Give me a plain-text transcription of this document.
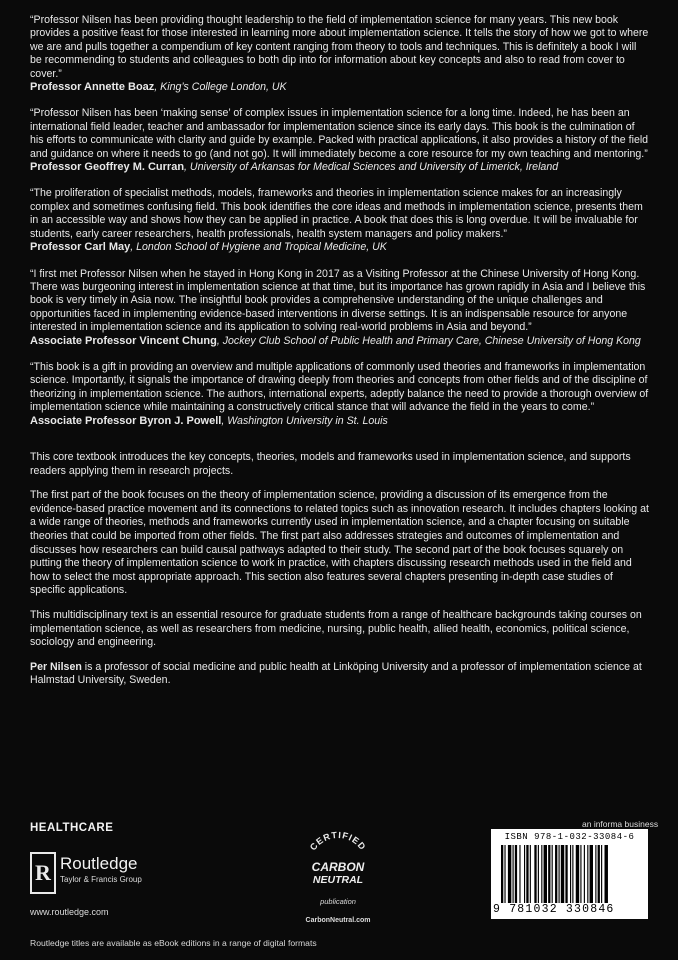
“Professor Nilsen has been providing thought leadership to the field of implementation science for many years. This new book provides a positive feast for those interested in learning more about implementation science. It tells the story of how we got to where we are and pulls together a compendium of key content ranging from theory to tools and techniques. This is definitely a book I will be recommending to students and colleagues to both dip into for information about key concepts and also to read from cover to cover.”

Professor Annette Boaz, King’s College London, UK

“Professor Nilsen has been ‘making sense’ of complex issues in implementation science for a long time. Indeed, he has been an international field leader, teacher and ambassador for implementation science since its early days. This book is the culmination of his efforts to communicate with clarity and guide by example. Packed with practical applications, it also provides a history of the field and guidance on where it needs to go (and not go). It will immediately become a core resource for my own teaching and mentoring.”

Professor Geoffrey M. Curran, University of Arkansas for Medical Sciences and University of Limerick, Ireland

“The proliferation of specialist methods, models, frameworks and theories in implementation science makes for an increasingly complex and sometimes confusing field. This book identifies the core ideas and methods in implementation science, presents them in an accessible way and shows how they can be applied in practice. A book that does this is long overdue. It will be invaluable for students, early career researchers, health professionals, health system managers and policy makers.”

Professor Carl May, London School of Hygiene and Tropical Medicine, UK

“I first met Professor Nilsen when he stayed in Hong Kong in 2017 as a Visiting Professor at the Chinese University of Hong Kong. There was burgeoning interest in implementation science at that time, but its importance has grown rapidly in Asia and I believe this book is very timely in Asia now. The insightful book provides a comprehensive understanding of the unique challenges and opportunities faced in implementing evidence-based interventions in diverse settings. It is an indispensable resource for anyone interested in implementation science and its application to solving real-world problems in Asia and beyond.”

Associate Professor Vincent Chung, Jockey Club School of Public Health and Primary Care, Chinese University of Hong Kong

“This book is a gift in providing an overview and multiple applications of commonly used theories and frameworks in implementation science. Importantly, it signals the importance of drawing deeply from theories and concepts from other fields and of the discipline of theorizing in implementation science. The authors, international experts, adeptly balance the need to provide a thorough overview of implementation science while maintaining a constructively critical stance that will advance the field in the years to come.”

Associate Professor Byron J. Powell, Washington University in St. Louis

This core textbook introduces the key concepts, theories, models and frameworks used in implementation science, and supports readers applying them in research projects.

The first part of the book focuses on the theory of implementation science, providing a discussion of its emergence from the evidence-based practice movement and its connections to related topics such as innovation research. It includes chapters looking at a wide range of theories, methods and frameworks currently used in implementation science, and a chapter focusing on suitable theories that could be imported from other fields. The first part also addresses strategies and outcomes of implementation and discusses how researchers can build causal pathways adapted to their study. The second part of the book focuses squarely on putting the theory of implementation science to work in practice, with chapters discussing research methods used in the field and how to select the most appropriate approach. This section also features several chapters presenting in-depth case studies of specific applications.

This multidisciplinary text is an essential resource for graduate students from a range of healthcare backgrounds taking courses on implementation science, as well as researchers from medicine, nursing, public health, allied health, economics, political science, sociology and engineering.

Per Nilsen is a professor of social medicine and public health at Linköping University and a professor of implementation science at Halmstad University, Sweden.

HEALTHCARE
R Routledge
Taylor & Francis Group
www.routledge.com
CERTIFIED
CARBON
NEUTRAL
publication
CarbonNeutral.com
an informa business
ISBN 978-1-032-33084-6
9 781032 330846
Routledge titles are available as eBook editions in a range of digital formats
